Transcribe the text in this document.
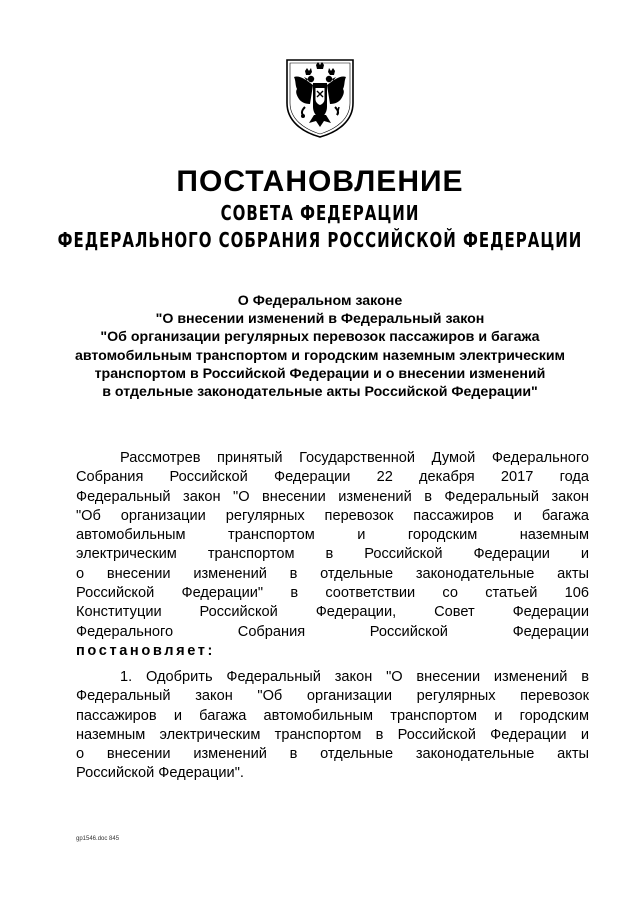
ПОСТАНОВЛЕНИЕ
СОВЕТА ФЕДЕРАЦИИ
ФЕДЕРАЛЬНОГО СОБРАНИЯ РОССИЙСКОЙ ФЕДЕРАЦИИ
О Федеральном законе
"О внесении изменений в Федеральный закон
"Об организации регулярных перевозок пассажиров и багажа
автомобильным транспортом и городским наземным электрическим
транспортом в Российской Федерации и о внесении изменений
в отдельные законодательные акты Российской Федерации"
Рассмотрев принятый Государственной Думой Федерального
Собрания Российской Федерации 22 декабря 2017 года
Федеральный закон "О внесении изменений в Федеральный закон
"Об организации регулярных перевозок пассажиров и багажа
автомобильным транспортом и городским наземным
электрическим транспортом в Российской Федерации и
о внесении изменений в отдельные законодательные акты
Российской Федерации" в соответствии со статьей 106
Конституции Российской Федерации, Совет Федерации
Федерального Собрания Российской Федерации
постановляет:
1. Одобрить Федеральный закон "О внесении изменений в
Федеральный закон "Об организации регулярных перевозок
пассажиров и багажа автомобильным транспортом и городским
наземным электрическим транспортом в Российской Федерации и
о внесении изменений в отдельные законодательные акты
Российской Федерации".
gp1546.doc 845
